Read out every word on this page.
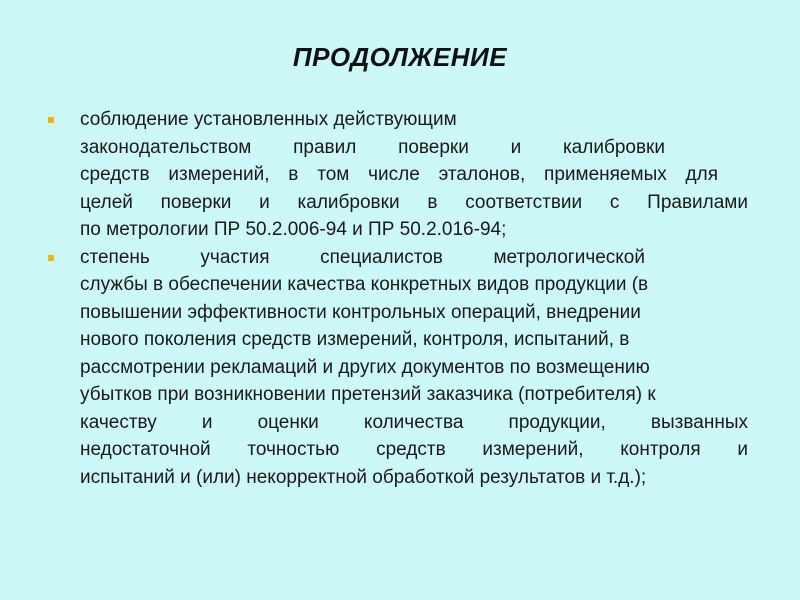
ПРОДОЛЖЕНИЕ
соблюдение установленных действующим
законодательством правил поверки и калибровки
средств измерений, в том числе эталонов, применяемых для
целей поверки и калибровки в соответствии с Правилами
по метрологии ПР 50.2.006-94 и ПР 50.2.016-94;
степень участия специалистов метрологической
службы в обеспечении качества конкретных видов продукции (в
повышении эффективности контрольных операций, внедрении
нового поколения средств измерений, контроля, испытаний, в
рассмотрении рекламаций и других документов по возмещению
убытков при возникновении претензий заказчика (потребителя) к
качеству и оценки количества продукции, вызванных
недостаточной точностью средств измерений, контроля и
испытаний и (или) некорректной обработкой результатов и т.д.);
